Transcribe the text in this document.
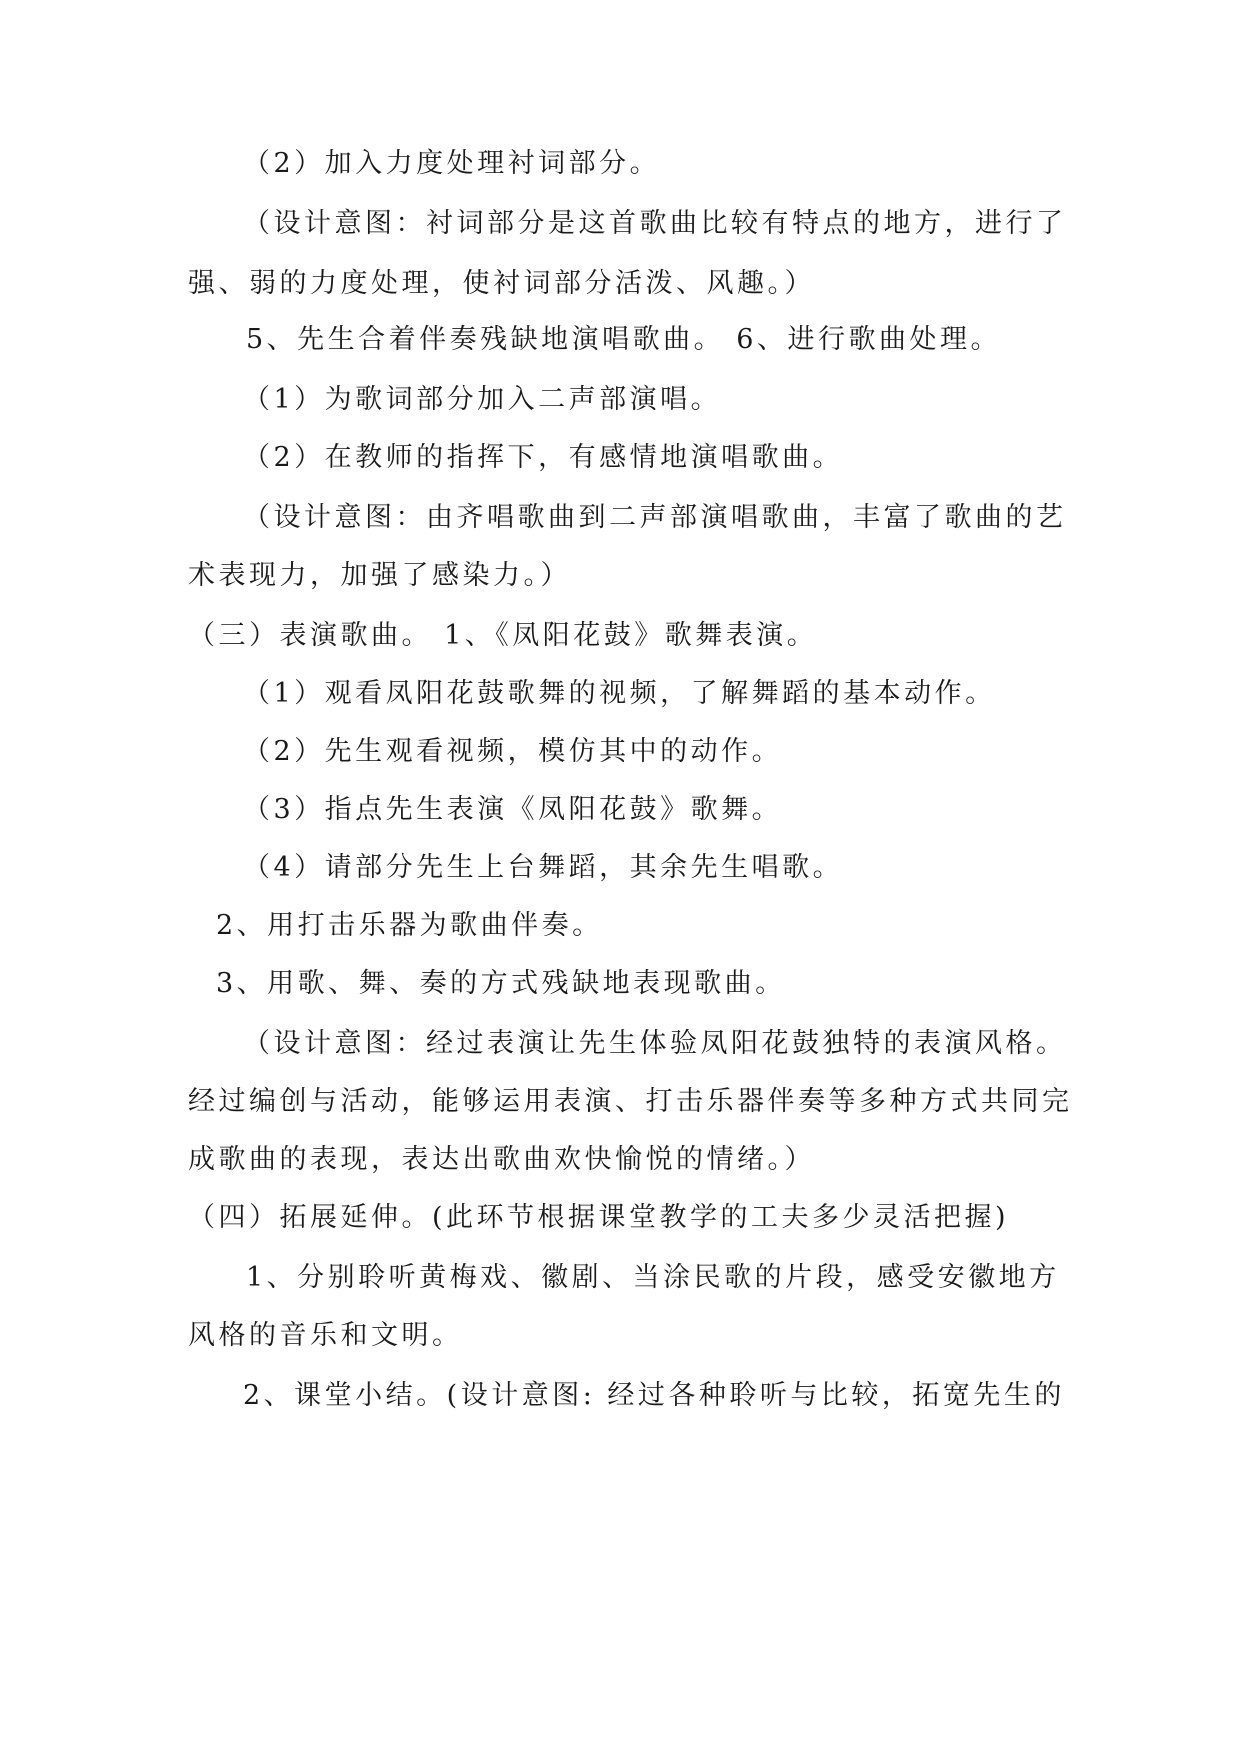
（2）加入力度处理衬词部分。
（设计意图：衬词部分是这首歌曲比较有特点的地方，进行了
强、弱的力度处理，使衬词部分活泼、风趣。）
5、先生合着伴奏残缺地演唱歌曲。 6、进行歌曲处理。
（1）为歌词部分加入二声部演唱。
（2）在教师的指挥下，有感情地演唱歌曲。
（设计意图：由齐唱歌曲到二声部演唱歌曲，丰富了歌曲的艺
术表现力，加强了感染力。）
（三）表演歌曲。 1、《凤阳花鼓》歌舞表演。
（1）观看凤阳花鼓歌舞的视频，了解舞蹈的基本动作。
（2）先生观看视频，模仿其中的动作。
（3）指点先生表演《凤阳花鼓》歌舞。
（4）请部分先生上台舞蹈，其余先生唱歌。
2、用打击乐器为歌曲伴奏。
3、用歌、舞、奏的方式残缺地表现歌曲。
（设计意图：经过表演让先生体验凤阳花鼓独特的表演风格。
经过编创与活动，能够运用表演、打击乐器伴奏等多种方式共同完
成歌曲的表现，表达出歌曲欢快愉悦的情绪。）
（四）拓展延伸。(此环节根据课堂教学的工夫多少灵活把握)
1、分别聆听黄梅戏、徽剧、当涂民歌的片段，感受安徽地方
风格的音乐和文明。
2、课堂小结。(设计意图: 经过各种聆听与比较，拓宽先生的
